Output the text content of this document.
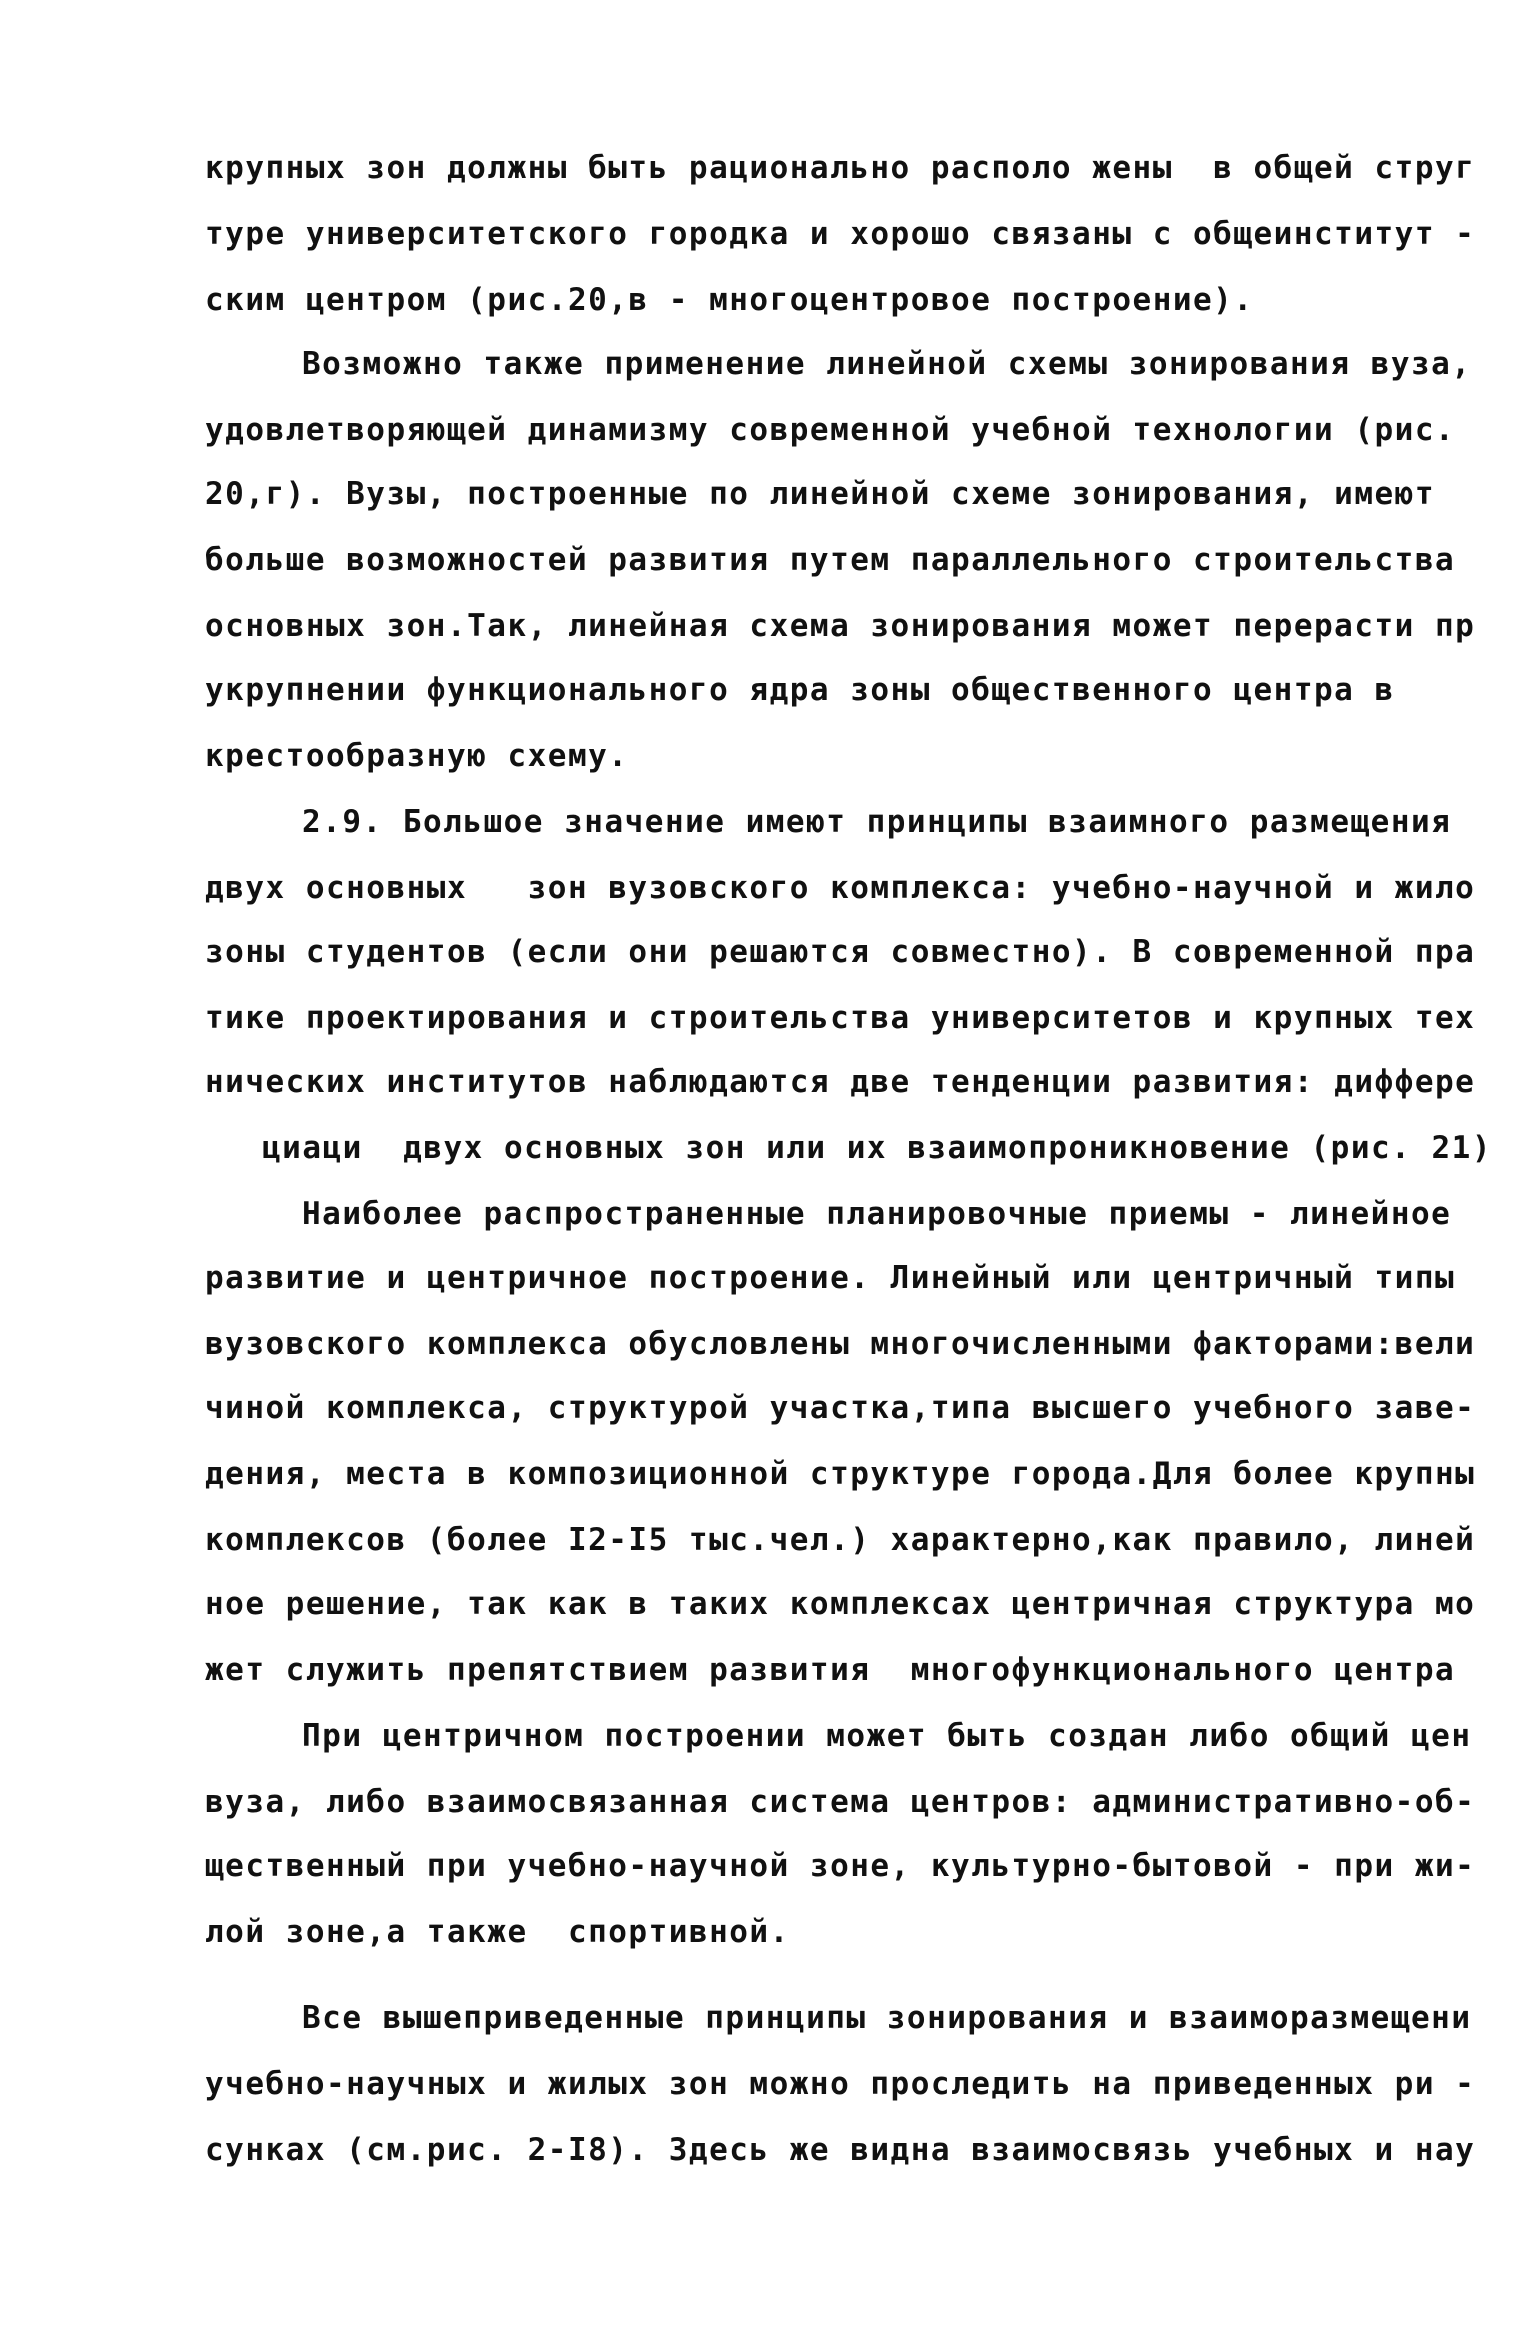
крупных зон должны быть рационально располо жены  в общей струг
туре университетского городка и хорошо связаны с общеинститут -
ским центром (рис.20,в - многоцентровое построение).
Возможно также применение линейной схемы зонирования вуза,
удовлетворяющей динамизму современной учебной технологии (рис.
20,г). Вузы, построенные по линейной схеме зонирования, имеют
больше возможностей развития путем параллельного строительства
основных зон.Так, линейная схема зонирования может перерасти пр
укрупнении функционального ядра зоны общественного центра в
крестообразную схему.
2.9. Большое значение имеют принципы взаимного размещения
двух основных   зон вузовского комплекса: учебно-научной и жило
зоны студентов (если они решаются совместно). В современной пра
тике проектирования и строительства университетов и крупных тех
нических институтов наблюдаются две тенденции развития: диффере
циаци  двух основных зон или их взаимопроникновение (рис. 21)
Наиболее распространенные планировочные приемы - линейное
развитие и центричное построение. Линейный или центричный типы
вузовского комплекса обусловлены многочисленными факторами:вели
чиной комплекса, структурой участка,типа высшего учебного заве-
дения, места в композиционной структуре города.Для более крупны
комплексов (более I2-I5 тыс.чел.) характерно,как правило, линей
ное решение, так как в таких комплексах центричная структура мо
жет служить препятствием развития  многофункционального центра
При центричном построении может быть создан либо общий цен
вуза, либо взаимосвязанная система центров: административно-об-
щественный при учебно-научной зоне, культурно-бытовой - при жи-
лой зоне,а также  спортивной.
Все вышеприведенные принципы зонирования и взаиморазмещени
учебно-научных и жилых зон можно проследить на приведенных ри -
сунках (см.рис. 2-I8). Здесь же видна взаимосвязь учебных и нау
